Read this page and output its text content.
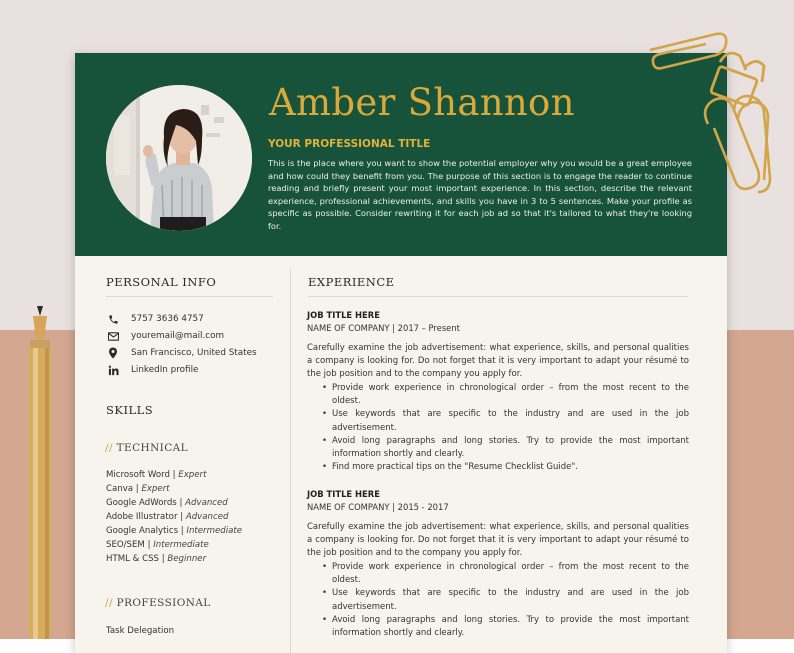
Amber Shannon
YOUR PROFESSIONAL TITLE
This is the place where you want to show the potential employer why you would be a great employee and how could they benefit from you. The purpose of this section is to engage the reader to continue reading and briefly present your most important experience. In this section, describe the relevant experience, professional achievements, and skills you have in 3 to 5 sentences. Make your profile as specific as possible. Consider rewriting it for each job ad so that it's tailored to what they're looking for.
PERSONAL INFO
5757 3636 4757
youremail@mail.com
San Francisco, United States
LinkedIn profile
SKILLS
// TECHNICAL
Microsoft Word | Expert
Canva | Expert
Google AdWords | Advanced
Adobe Illustrator | Advanced
Google Analytics | Intermediate
SEO/SEM | Intermediate
HTML & CSS | Beginner
// PROFESSIONAL
Task Delegation
EXPERIENCE
JOB TITLE HERE
NAME OF COMPANY | 2017 – Present
Carefully examine the job advertisement: what experience, skills, and personal qualities a company is looking for. Do not forget that it is very important to adapt your résumé to the job position and to the company you apply for.
• Provide work experience in chronological order – from the most recent to the oldest.
• Use keywords that are specific to the industry and are used in the job advertisement.
• Avoid long paragraphs and long stories. Try to provide the most important information shortly and clearly.
• Find more practical tips on the "Resume Checklist Guide".
JOB TITLE HERE
NAME OF COMPANY | 2015 - 2017
Carefully examine the job advertisement: what experience, skills, and personal qualities a company is looking for. Do not forget that it is very important to adapt your résumé to the job position and to the company you apply for.
• Provide work experience in chronological order – from the most recent to the oldest.
• Use keywords that are specific to the industry and are used in the job advertisement.
• Avoid long paragraphs and long stories. Try to provide the most important information shortly and clearly.
